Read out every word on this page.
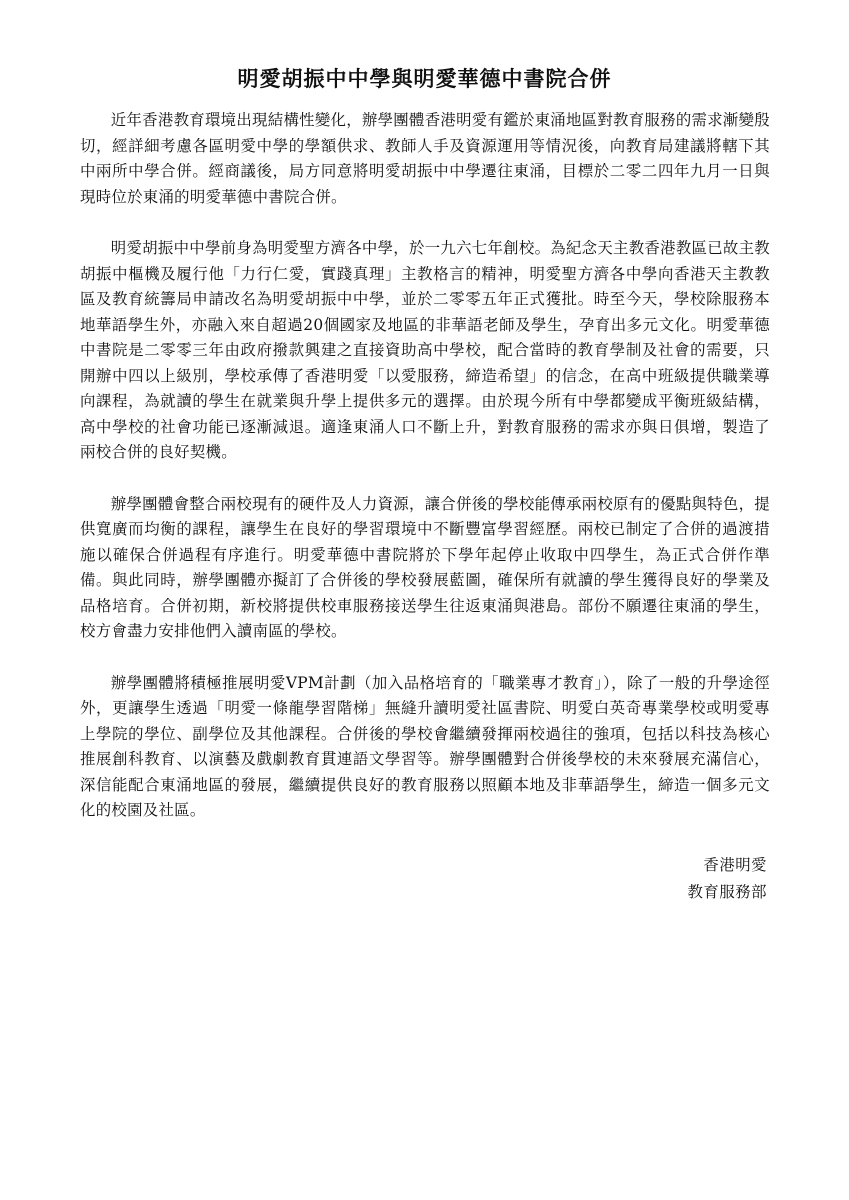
明愛胡振中中學與明愛華德中書院合併

近年香港教育環境出現結構性變化，辦學團體香港明愛有鑑於東涌地區對教育服務的需求漸變殷切，經詳細考慮各區明愛中學的學額供求、教師人手及資源運用等情況後，向教育局建議將轄下其中兩所中學合併。經商議後，局方同意將明愛胡振中中學遷往東涌，目標於二零二四年九月一日與現時位於東涌的明愛華德中書院合併。

明愛胡振中中學前身為明愛聖方濟各中學，於一九六七年創校。為紀念天主教香港教區已故主教胡振中樞機及履行他「力行仁愛，實踐真理」主教格言的精神，明愛聖方濟各中學向香港天主教教區及教育統籌局申請改名為明愛胡振中中學，並於二零零五年正式獲批。時至今天，學校除服務本地華語學生外，亦融入來自超過20個國家及地區的非華語老師及學生，孕育出多元文化。明愛華德中書院是二零零三年由政府撥款興建之直接資助高中學校，配合當時的教育學制及社會的需要，只開辦中四以上級別，學校承傳了香港明愛「以愛服務，締造希望」的信念，在高中班級提供職業導向課程，為就讀的學生在就業與升學上提供多元的選擇。由於現今所有中學都變成平衡班級結構，高中學校的社會功能已逐漸減退。適逢東涌人口不斷上升，對教育服務的需求亦與日俱增，製造了兩校合併的良好契機。

辦學團體會整合兩校現有的硬件及人力資源，讓合併後的學校能傳承兩校原有的優點與特色，提供寬廣而均衡的課程，讓學生在良好的學習環境中不斷豐富學習經歷。兩校已制定了合併的過渡措施以確保合併過程有序進行。明愛華德中書院將於下學年起停止收取中四學生，為正式合併作準備。與此同時，辦學團體亦擬訂了合併後的學校發展藍圖，確保所有就讀的學生獲得良好的學業及品格培育。合併初期，新校將提供校車服務接送學生往返東涌與港島。部份不願遷往東涌的學生，校方會盡力安排他們入讀南區的學校。

辦學團體將積極推展明愛VPM計劃（加入品格培育的「職業專才教育」），除了一般的升學途徑外，更讓學生透過「明愛一條龍學習階梯」無縫升讀明愛社區書院、明愛白英奇專業學校或明愛專上學院的學位、副學位及其他課程。合併後的學校會繼續發揮兩校過往的強項，包括以科技為核心推展創科教育、以演藝及戲劇教育貫連語文學習等。辦學團體對合併後學校的未來發展充滿信心，深信能配合東涌地區的發展，繼續提供良好的教育服務以照顧本地及非華語學生，締造一個多元文化的校園及社區。

香港明愛
教育服務部
